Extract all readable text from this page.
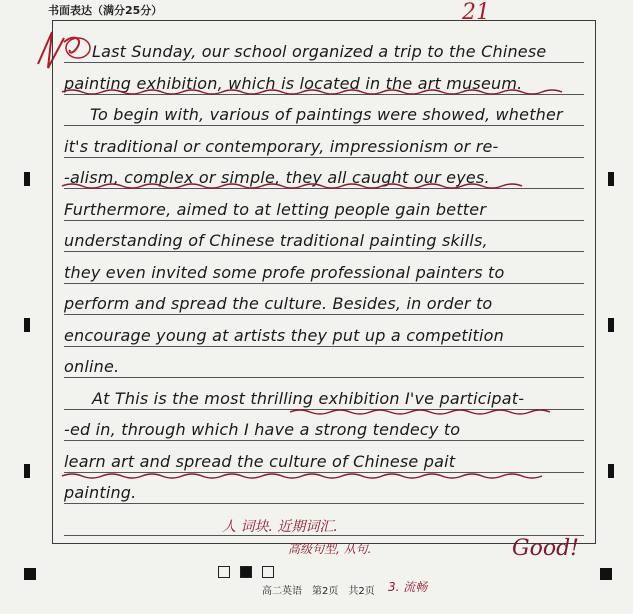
书面表达（满分25分）	21
Last Sunday, our school organized a trip to the Chinese
painting exhibition, which is located in the art museum.
To begin with, various of paintings were showed, whether
it's traditional or contemporary, impressionism or re-
-alism, complex or simple, they all caught our eyes.
Furthermore, aimed to at letting people gain better
understanding of Chinese traditional painting skills,
they even invited some profe professional painters to
perform and spread the culture. Besides, in order to
encourage young at artists they put up a competition
online.
At This is the most thrilling exhibition I've participat-
-ed in, through which I have a strong tendecy to
learn art and spread the culture of Chinese pait
painting.
人 词块. 近期词汇.
高级句型, 从句.
3. 流畅
Good!
高二英语　第2页　共2页
